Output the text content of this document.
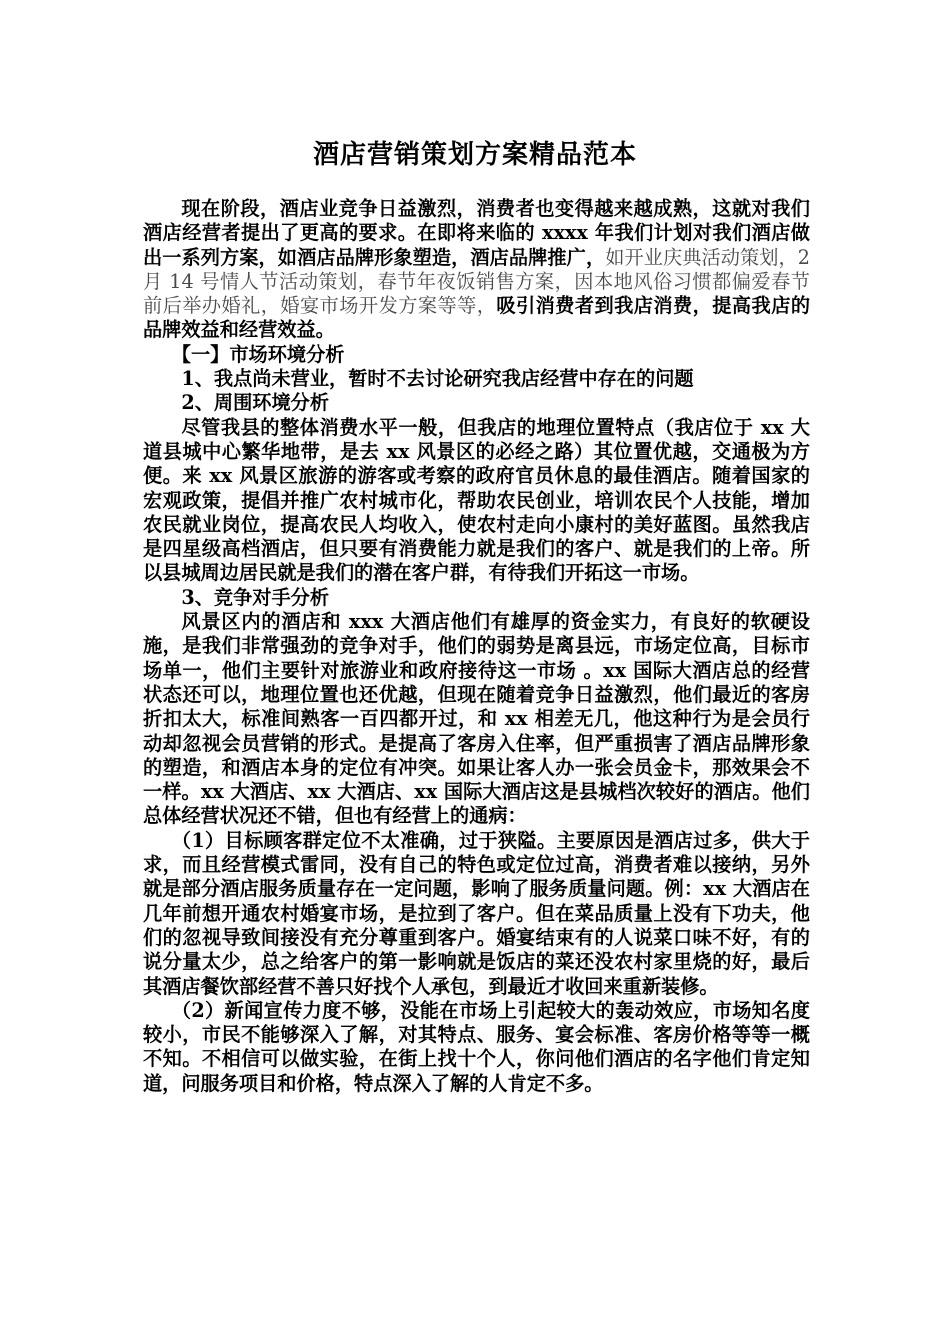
酒店营销策划方案精品范本

现在阶段，酒店业竞争日益激烈，消费者也变得越来越成熟，这就对我们酒店经营者提出了更高的要求。在即将来临的 xxxx 年我们计划对我们酒店做出一系列方案，如酒店品牌形象塑造，酒店品牌推广，如开业庆典活动策划，2 月 14 号情人节活动策划，春节年夜饭销售方案，因本地风俗习惯都偏爱春节前后举办婚礼，婚宴市场开发方案等等，吸引消费者到我店消费，提高我店的品牌效益和经营效益。

【一】市场环境分析

1、我点尚未营业，暂时不去讨论研究我店经营中存在的问题

2、周围环境分析

尽管我县的整体消费水平一般，但我店的地理位置特点（我店位于 xx 大道县城中心繁华地带，是去 xx 风景区的必经之路）其位置优越，交通极为方便。来 xx 风景区旅游的游客或考察的政府官员休息的最佳酒店。随着国家的宏观政策，提倡并推广农村城市化，帮助农民创业，培训农民个人技能，增加农民就业岗位，提高农民人均收入，使农村走向小康村的美好蓝图。虽然我店是四星级高档酒店，但只要有消费能力就是我们的客户、就是我们的上帝。所以县城周边居民就是我们的潜在客户群，有待我们开拓这一市场。

3、竞争对手分析

风景区内的酒店和 xxx 大酒店他们有雄厚的资金实力，有良好的软硬设施，是我们非常强劲的竞争对手，他们的弱势是离县远，市场定位高，目标市场单一，他们主要针对旅游业和政府接待这一市场 。xx 国际大酒店总的经营状态还可以，地理位置也还优越，但现在随着竞争日益激烈，他们最近的客房折扣太大，标准间熟客一百四都开过，和 xx 相差无几，他这种行为是会员行动却忽视会员营销的形式。是提高了客房入住率，但严重损害了酒店品牌形象的塑造，和酒店本身的定位有冲突。如果让客人办一张会员金卡，那效果会不一样。xx 大酒店、xx 大酒店、xx 国际大酒店这是县城档次较好的酒店。他们总体经营状况还不错，但也有经营上的通病：

（1）目标顾客群定位不太准确，过于狭隘。主要原因是酒店过多，供大于求，而且经营模式雷同，没有自己的特色或定位过高，消费者难以接纳，另外就是部分酒店服务质量存在一定问题，影响了服务质量问题。例：xx 大酒店在几年前想开通农村婚宴市场，是拉到了客户。但在菜品质量上没有下功夫，他们的忽视导致间接没有充分尊重到客户。婚宴结束有的人说菜口味不好，有的说分量太少，总之给客户的第一影响就是饭店的菜还没农村家里烧的好，最后其酒店餐饮部经营不善只好找个人承包，到最近才收回来重新装修。

（2）新闻宣传力度不够，没能在市场上引起较大的轰动效应，市场知名度较小，市民不能够深入了解，对其特点、服务、宴会标准、客房价格等等一概不知。不相信可以做实验，在街上找十个人，你问他们酒店的名字他们肯定知道，问服务项目和价格，特点深入了解的人肯定不多。
